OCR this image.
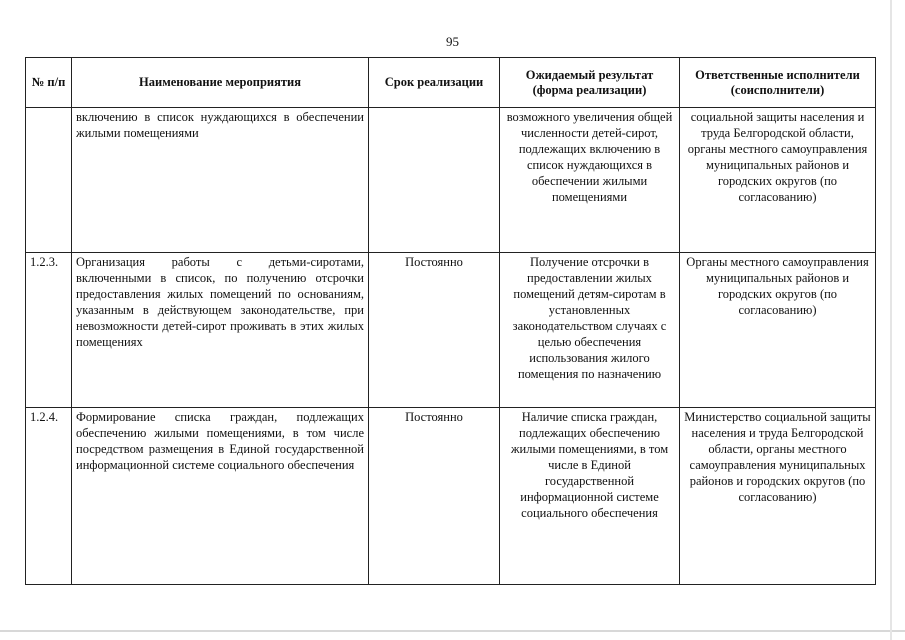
95
№ п/п	Наименование мероприятия	Срок реализации	Ожидаемый результат (форма реализации)	Ответственные исполнители (соисполнители)
	включению в список нуждающихся в обеспечении жилыми помещениями		возможного увеличения общей численности детей-сирот, подлежащих включению в список нуждающихся в обеспечении жилыми помещениями	социальной защиты населения и труда Белгородской области, органы местного самоуправления муниципальных районов и городских округов (по согласованию)
1.2.3.	Организация работы с детьми-сиротами, включенными в список, по получению отсрочки предоставления жилых помещений по основаниям, указанным в действующем законодательстве, при невозможности детей-сирот проживать в этих жилых помещениях	Постоянно	Получение отсрочки в предоставлении жилых помещений детям-сиротам в установленных законодательством случаях с целью обеспечения использования жилого помещения по назначению	Органы местного самоуправления муниципальных районов и городских округов (по согласованию)
1.2.4.	Формирование списка граждан, подлежащих обеспечению жилыми помещениями, в том числе посредством размещения в Единой государственной информационной системе социального обеспечения	Постоянно	Наличие списка граждан, подлежащих обеспечению жилыми помещениями, в том числе в Единой государственной информационной системе социального обеспечения	Министерство социальной защиты населения и труда Белгородской области, органы местного самоуправления муниципальных районов и городских округов (по согласованию)
